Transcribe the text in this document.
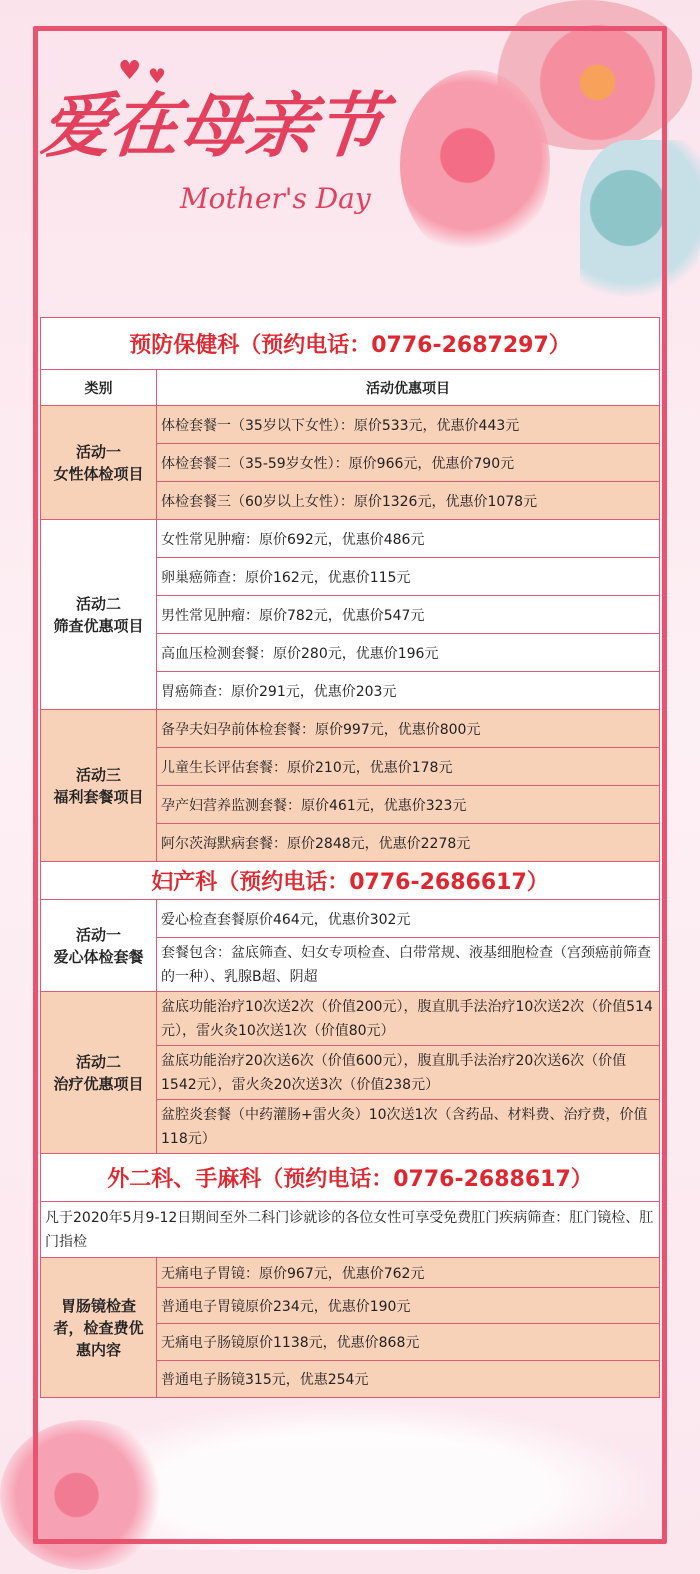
♥ ♥
爱在母亲节
Mother's Day
预防保健科（预约电话：0776-2687297）	
类别	活动优惠项目

活动一
女性体检项目	体检套餐一（35岁以下女性）：原价533元，优惠价443元
	体检套餐二（35-59岁女性）：原价966元，优惠价790元
	体检套餐三（60岁以上女性）：原价1326元，优惠价1078元

活动二
筛查优惠项目	女性常见肿瘤：原价692元，优惠价486元
	卵巢癌筛查：原价162元，优惠价115元
	男性常见肿瘤：原价782元，优惠价547元
	高血压检测套餐：原价280元，优惠价196元
	胃癌筛查：原价291元，优惠价203元

活动三
福利套餐项目	备孕夫妇孕前体检套餐：原价997元，优惠价800元
	儿童生长评估套餐：原价210元，优惠价178元
	孕产妇营养监测套餐：原价461元，优惠价323元
	阿尔茨海默病套餐：原价2848元，优惠价2278元
妇产科（预约电话：0776-2686617）	

活动一
爱心体检套餐	爱心检查套餐原价464元，优惠价302元
	套餐包含：盆底筛查、妇女专项检查、白带常规、液基细胞检查（宫颈癌前筛查的一种）、乳腺B超、阴超

活动二
治疗优惠项目	盆底功能治疗10次送2次（价值200元），腹直肌手法治疗10次送2次（价值514元），雷火灸10次送1次（价值80元）
	盆底功能治疗20次送6次（价值600元），腹直肌手法治疗20次送6次（价值1542元），雷火灸20次送3次（价值238元）
	盆腔炎套餐（中药灌肠+雷火灸）10次送1次（含药品、材料费、治疗费，价值118元）
外二科、手麻科（预约电话：0776-2688617）	
凡于2020年5月9-12日期间至外二科门诊就诊的各位女性可享受免费肛门疾病筛查：肛门镜检、肛门指检	
胃肠镜检查者，检查费优惠内容	无痛电子胃镜：原价967元，优惠价762元
	普通电子胃镜原价234元，优惠价190元
	无痛电子肠镜原价1138元，优惠价868元
	普通电子肠镜315元，优惠254元
